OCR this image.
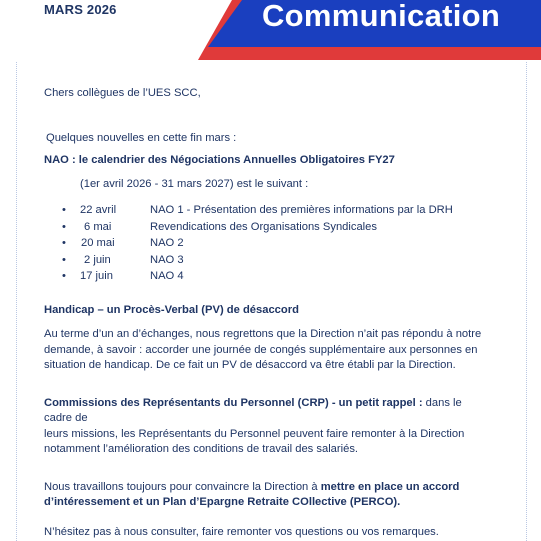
MARS 2026	Communication

Chers collègues de l’UES SCC,

Quelques nouvelles en cette fin mars :

NAO : le calendrier des Négociations Annuelles Obligatoires FY27

(1er avril 2026 - 31 mars 2027) est le suivant :

• 22 avril	NAO 1 - Présentation des premières informations par la DRH
• 6 mai	Revendications des Organisations Syndicales
• 20 mai	NAO 2
• 2 juin	NAO 3
• 17 juin	NAO 4

Handicap – un Procès-Verbal (PV) de désaccord

Au terme d’un an d’échanges, nous regrettons que la Direction n’ait pas répondu à notre

demande, à savoir : accorder une journée de congés supplémentaire aux personnes en

situation de handicap. De ce fait un PV de désaccord va être établi par la Direction.

Commissions des Représentants du Personnel (CRP) - un petit rappel : dans le cadre de

leurs missions, les Représentants du Personnel peuvent faire remonter à la Direction

notamment l’amélioration des conditions de travail des salariés.

Nous travaillons toujours pour convaincre la Direction à mettre en place un accord

d’intéressement et un Plan d’Epargne Retraite COllective (PERCO).

N’hésitez pas à nous consulter, faire remonter vos questions ou vos remarques.
